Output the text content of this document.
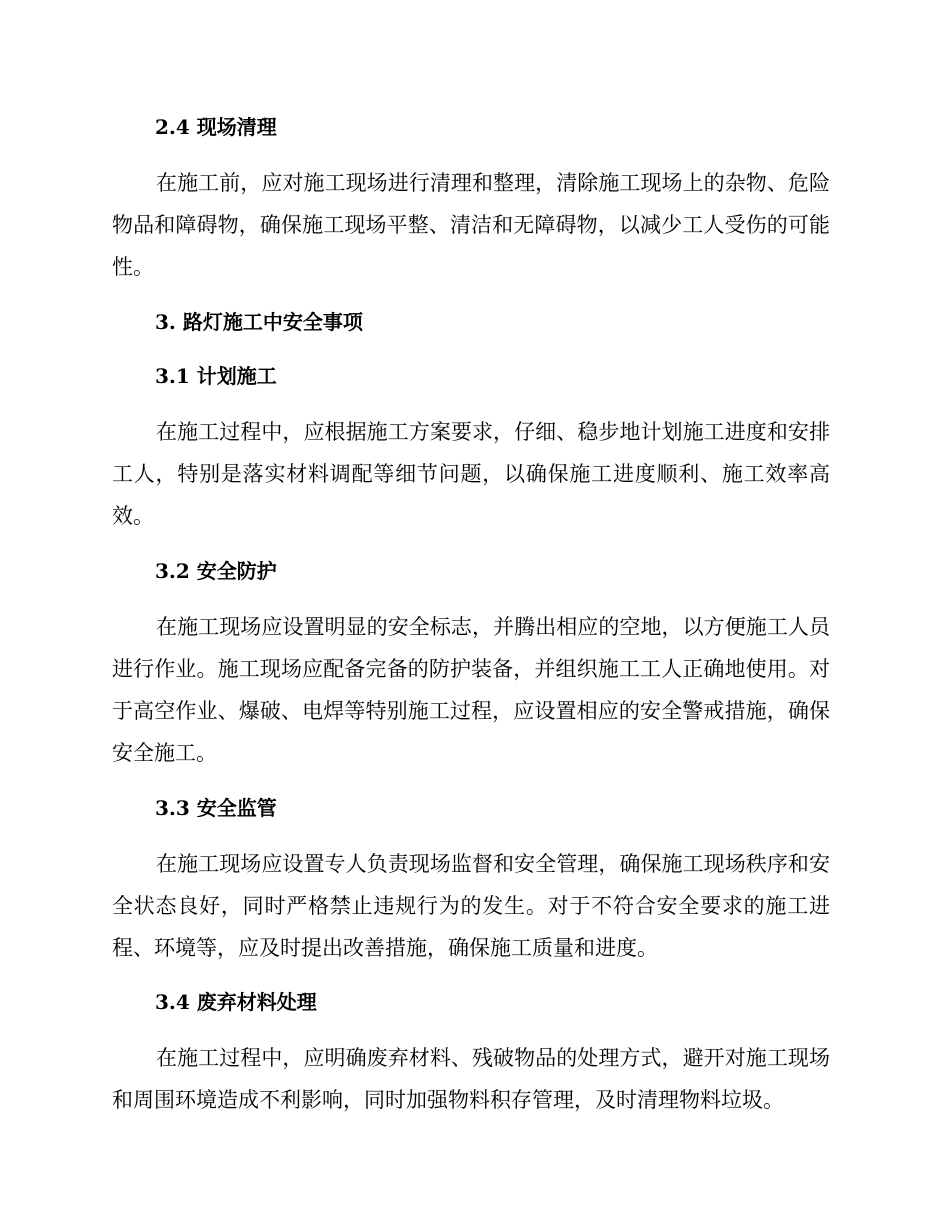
2.4 现场清理
在施工前，应对施工现场进行清理和整理，清除施工现场上的杂物、危险物品和障碍物，确保施工现场平整、清洁和无障碍物，以减少工人受伤的可能性。
3. 路灯施工中安全事项
3.1 计划施工
在施工过程中，应根据施工方案要求，仔细、稳步地计划施工进度和安排工人，特别是落实材料调配等细节问题，以确保施工进度顺利、施工效率高效。
3.2 安全防护
在施工现场应设置明显的安全标志，并腾出相应的空地，以方便施工人员进行作业。施工现场应配备完备的防护装备，并组织施工工人正确地使用。对于高空作业、爆破、电焊等特别施工过程，应设置相应的安全警戒措施，确保安全施工。
3.3 安全监管
在施工现场应设置专人负责现场监督和安全管理，确保施工现场秩序和安全状态良好，同时严格禁止违规行为的发生。对于不符合安全要求的施工进程、环境等，应及时提出改善措施，确保施工质量和进度。
3.4 废弃材料处理
在施工过程中，应明确废弃材料、残破物品的处理方式，避开对施工现场和周围环境造成不利影响，同时加强物料积存管理，及时清理物料垃圾。
